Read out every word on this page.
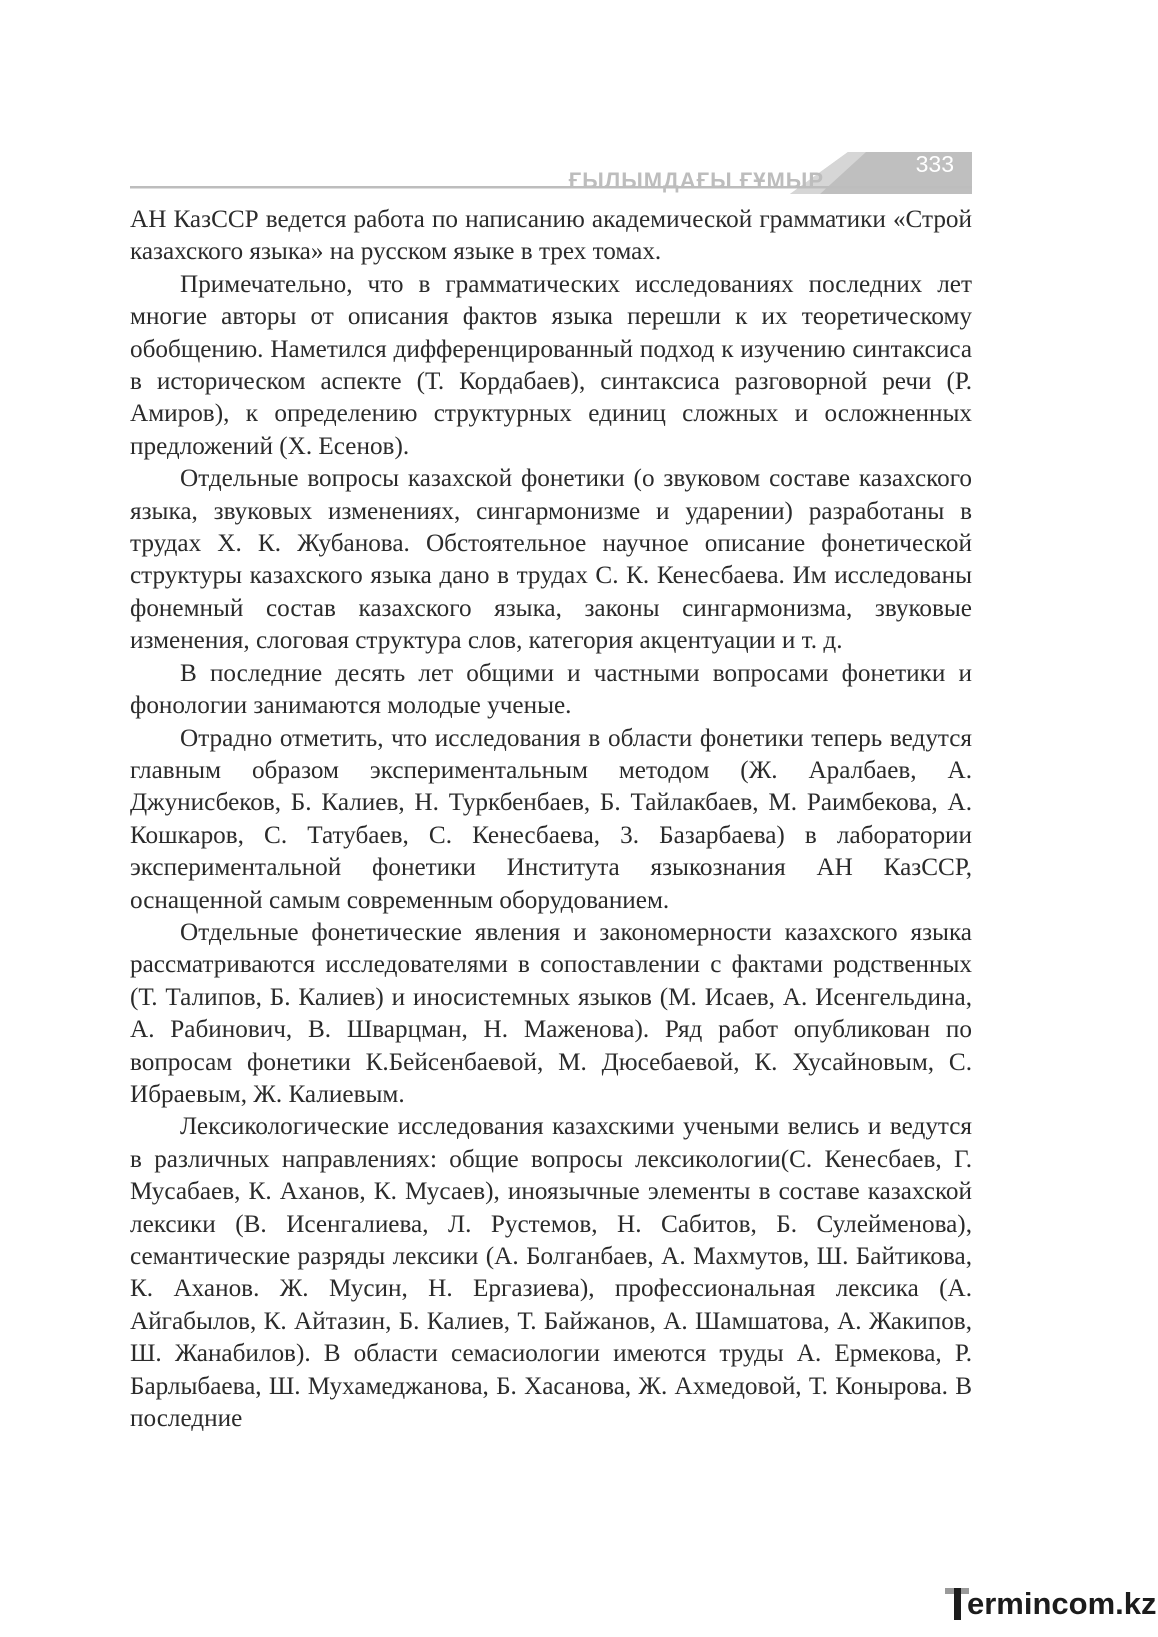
ҒЫЛЫМДАҒЫ ҒҰМЫР
333

АН КазССР ведется работа по написанию академической грамматики «Строй казахского языка» на русском языке в трех томах.

Примечательно, что в грамматических исследованиях последних лет многие авторы от описания фактов языка перешли к их теоретическому обобщению. Наметился дифференцированный подход к изучению синтаксиса в историческом аспекте (Т. Кордабаев), синтаксиса разговорной речи (Р. Амиров), к определению структурных единиц сложных и осложненных предложений (Х. Есенов).

Отдельные вопросы казахской фонетики (о звуковом составе казахского языка, звуковых изменениях, сингармонизме и ударении) разработаны в трудах Х. К. Жубанова. Обстоятельное научное описание фонетической структуры казахского языка дано в трудах С. К. Кенесбаева. Им исследованы фонемный состав казахского языка, законы сингармонизма, звуковые изменения, слоговая структура слов, категория акцентуации и т. д.

В последние десять лет общими и частными вопросами фонетики и фонологии занимаются молодые ученые.

Отрадно отметить, что исследования в области фонетики теперь ведутся главным образом экспериментальным методом (Ж. Аралбаев, А. Джунисбеков, Б. Калиев, Н. Туркбенбаев, Б. Тайлакбаев, М. Раимбекова, А. Кошкаров, С. Татубаев, С. Кенесбаева, 3. Базарбаева) в лаборатории экспериментальной фонетики Института языкознания АН КазССР, оснащенной самым современным оборудованием.

Отдельные фонетические явления и закономерности казахского языка рассматриваются исследователями в сопоставлении с фактами родственных (Т. Талипов, Б. Калиев) и иносистемных языков (М. Исаев, А. Исенгельдина, А. Рабинович, В. Шварцман, Н. Маженова). Ряд работ опубликован по вопросам фонетики К.Бейсенбаевой, М. Дюсебаевой, К. Хусайновым, С. Ибраевым, Ж. Калиевым.

Лексикологические исследования казахскими учеными велись и ведутся в различных направлениях: общие вопросы лексикологии(С. Кенесбаев, Г. Мусабаев, К. Аханов, К. Мусаев), иноязычные элементы в составе казахской лексики (В. Исенгалиева, Л. Рустемов, Н. Сабитов, Б. Сулейменова), семантические разряды лексики (А. Болганбаев, А. Махмутов, Ш. Байтикова, К. Аханов. Ж. Мусин, Н. Ергазиева), профессиональная лексика (А. Айгабылов, К. Айтазин, Б. Калиев, Т. Байжанов, А. Шамшатова, А. Жакипов, Ш. Жанабилов). В области семасиологии имеются труды А. Ермекова, Р. Барлыбаева, Ш. Мухамеджанова, Б. Хасанова, Ж. Ахмедовой, Т. Конырова. В последние

ermincom.kz
